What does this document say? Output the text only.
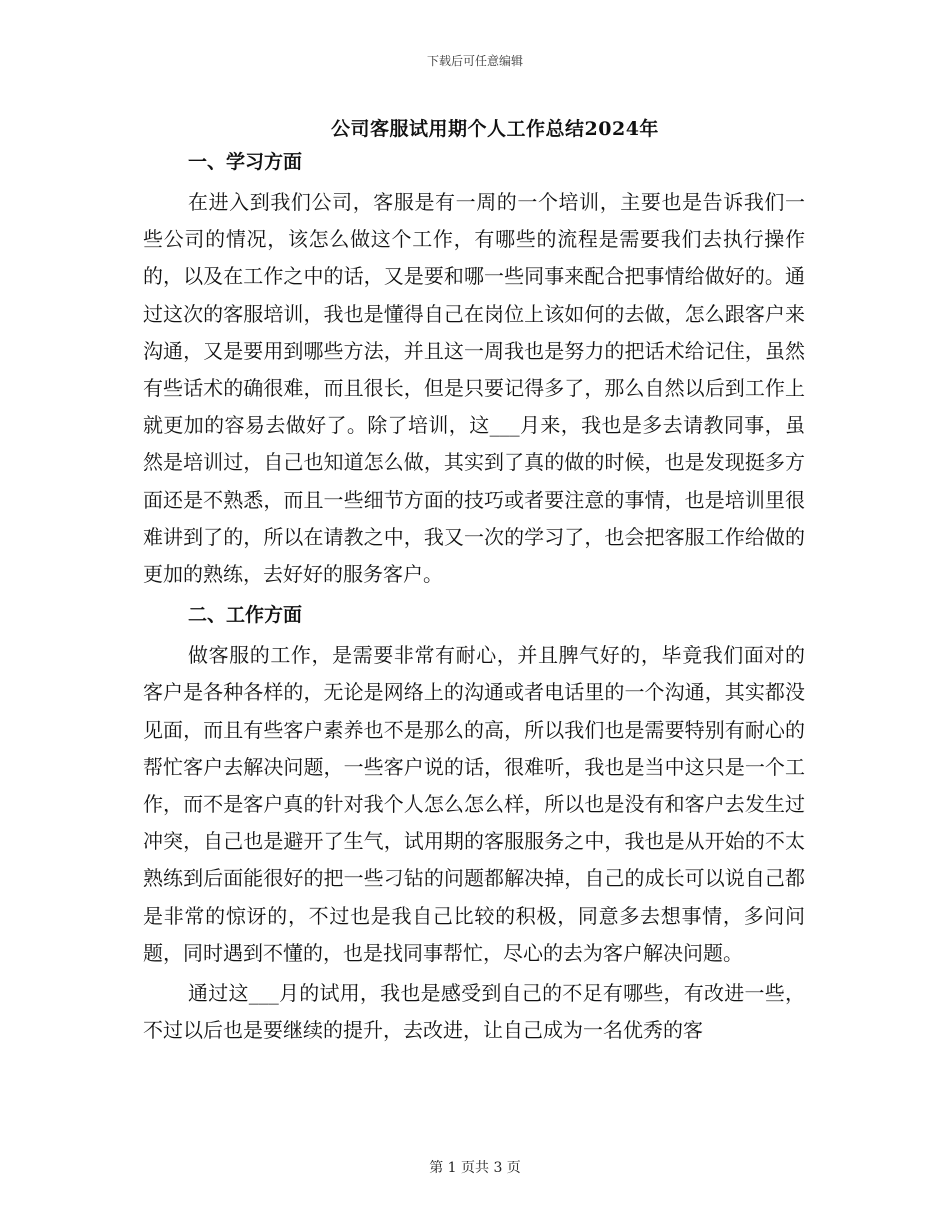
下载后可任意编辑
公司客服试用期个人工作总结2024年
一、学习方面

在进入到我们公司，客服是有一周的一个培训，主要也是告诉我们一些公司的情况，该怎么做这个工作，有哪些的流程是需要我们去执行操作的，以及在工作之中的话，又是要和哪一些同事来配合把事情给做好的。通过这次的客服培训，我也是懂得自己在岗位上该如何的去做，怎么跟客户来沟通，又是要用到哪些方法，并且这一周我也是努力的把话术给记住，虽然有些话术的确很难，而且很长，但是只要记得多了，那么自然以后到工作上就更加的容易去做好了。除了培训，这___月来，我也是多去请教同事，虽然是培训过，自己也知道怎么做，其实到了真的做的时候，也是发现挺多方面还是不熟悉，而且一些细节方面的技巧或者要注意的事情，也是培训里很难讲到了的，所以在请教之中，我又一次的学习了，也会把客服工作给做的更加的熟练，去好好的服务客户。

二、工作方面

做客服的工作，是需要非常有耐心，并且脾气好的，毕竟我们面对的客户是各种各样的，无论是网络上的沟通或者电话里的一个沟通，其实都没见面，而且有些客户素养也不是那么的高，所以我们也是需要特别有耐心的帮忙客户去解决问题，一些客户说的话，很难听，我也是当中这只是一个工作，而不是客户真的针对我个人怎么怎么样，所以也是没有和客户去发生过冲突，自己也是避开了生气，试用期的客服服务之中，我也是从开始的不太熟练到后面能很好的把一些刁钻的问题都解决掉，自己的成长可以说自己都是非常的惊讶的，不过也是我自己比较的积极，同意多去想事情，多问问题，同时遇到不懂的，也是找同事帮忙，尽心的去为客户解决问题。

通过这___月的试用，我也是感受到自己的不足有哪些，有改进一些，不过以后也是要继续的提升，去改进，让自己成为一名优秀的客

第 1 页共 3 页
